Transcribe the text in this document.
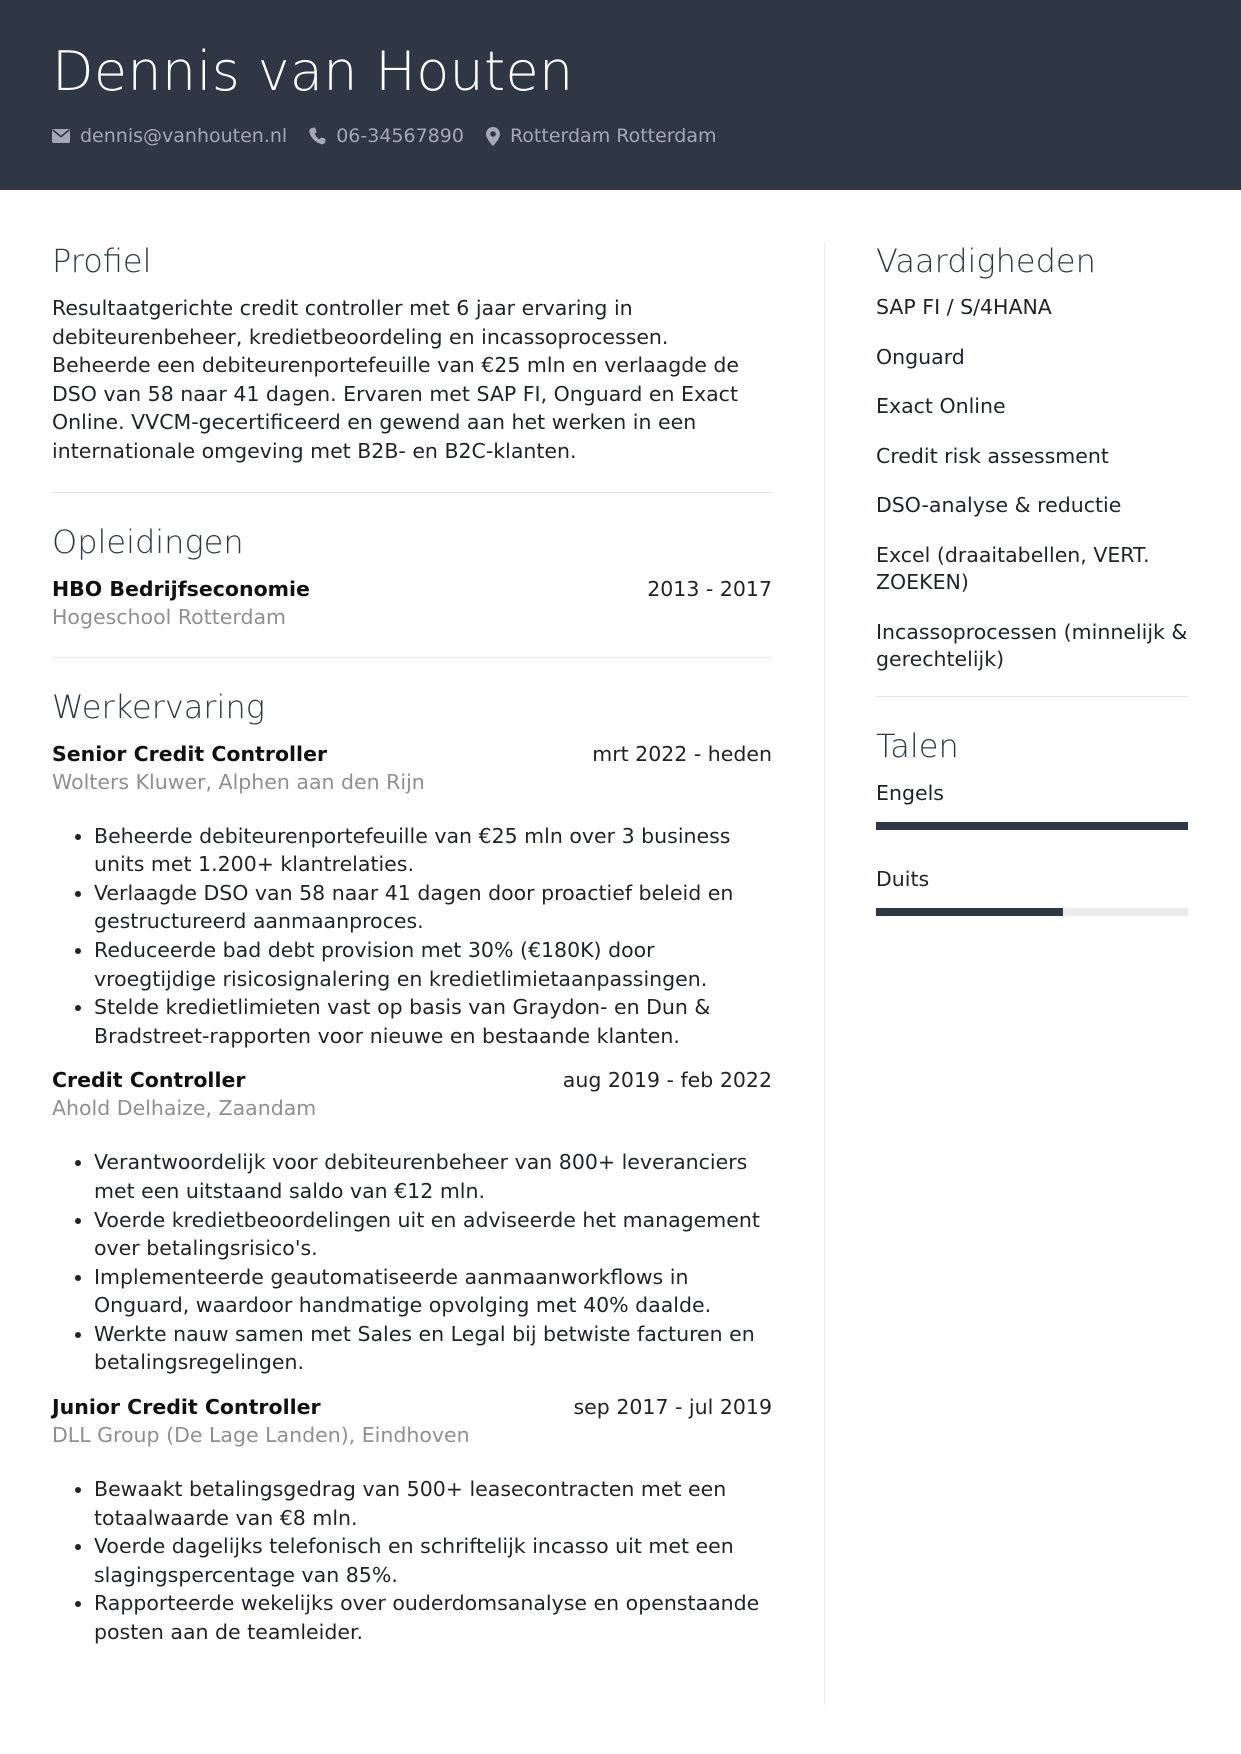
Dennis van Houten
dennis@vanhouten.nl	06-34567890 Rotterdam Rotterdam
Profiel
Resultaatgerichte credit controller met 6 jaar ervaring in
debiteurenbeheer, kredietbeoordeling en incassoprocessen.
Beheerde een debiteurenportefeuille van €25 mln en verlaagde de
DSO van 58 naar 41 dagen. Ervaren met SAP FI, Onguard en Exact
Online. VVCM-gecertificeerd en gewend aan het werken in een
internationale omgeving met B2B- en B2C-klanten.
Opleidingen
HBO Bedrijfseconomie	2013 - 2017
Hogeschool Rotterdam
Werkervaring
Senior Credit Controller	mrt 2022 - heden
Wolters Kluwer, Alphen aan den Rijn
• Beheerde debiteurenportefeuille van €25 mln over 3 business
units met 1.200+ klantrelaties.
• Verlaagde DSO van 58 naar 41 dagen door proactief beleid en
gestructureerd aanmaanproces.
• Reduceerde bad debt provision met 30% (€180K) door
vroegtijdige risicosignalering en kredietlimietaanpassingen.
• Stelde kredietlimieten vast op basis van Graydon- en Dun &
Bradstreet-rapporten voor nieuwe en bestaande klanten.
Credit Controller	aug 2019 - feb 2022
Ahold Delhaize, Zaandam
• Verantwoordelijk voor debiteurenbeheer van 800+ leveranciers
met een uitstaand saldo van €12 mln.
• Voerde kredietbeoordelingen uit en adviseerde het management
over betalingsrisico's.
• Implementeerde geautomatiseerde aanmaanworkflows in
Onguard, waardoor handmatige opvolging met 40% daalde.
• Werkte nauw samen met Sales en Legal bij betwiste facturen en
betalingsregelingen.
Junior Credit Controller	sep 2017 - jul 2019
DLL Group (De Lage Landen), Eindhoven
• Bewaakt betalingsgedrag van 500+ leasecontracten met een
totaalwaarde van €8 mln.
• Voerde dagelijks telefonisch en schriftelijk incasso uit met een
slagingspercentage van 85%.
• Rapporteerde wekelijks over ouderdomsanalyse en openstaande
posten aan de teamleider.
Vaardigheden
SAP FI / S/4HANA
Onguard
Exact Online
Credit risk assessment
DSO-analyse & reductie
Excel (draaitabellen, VERT.
ZOEKEN)
Incassoprocessen (minnelijk &
gerechtelijk)
Talen
Engels
Duits
